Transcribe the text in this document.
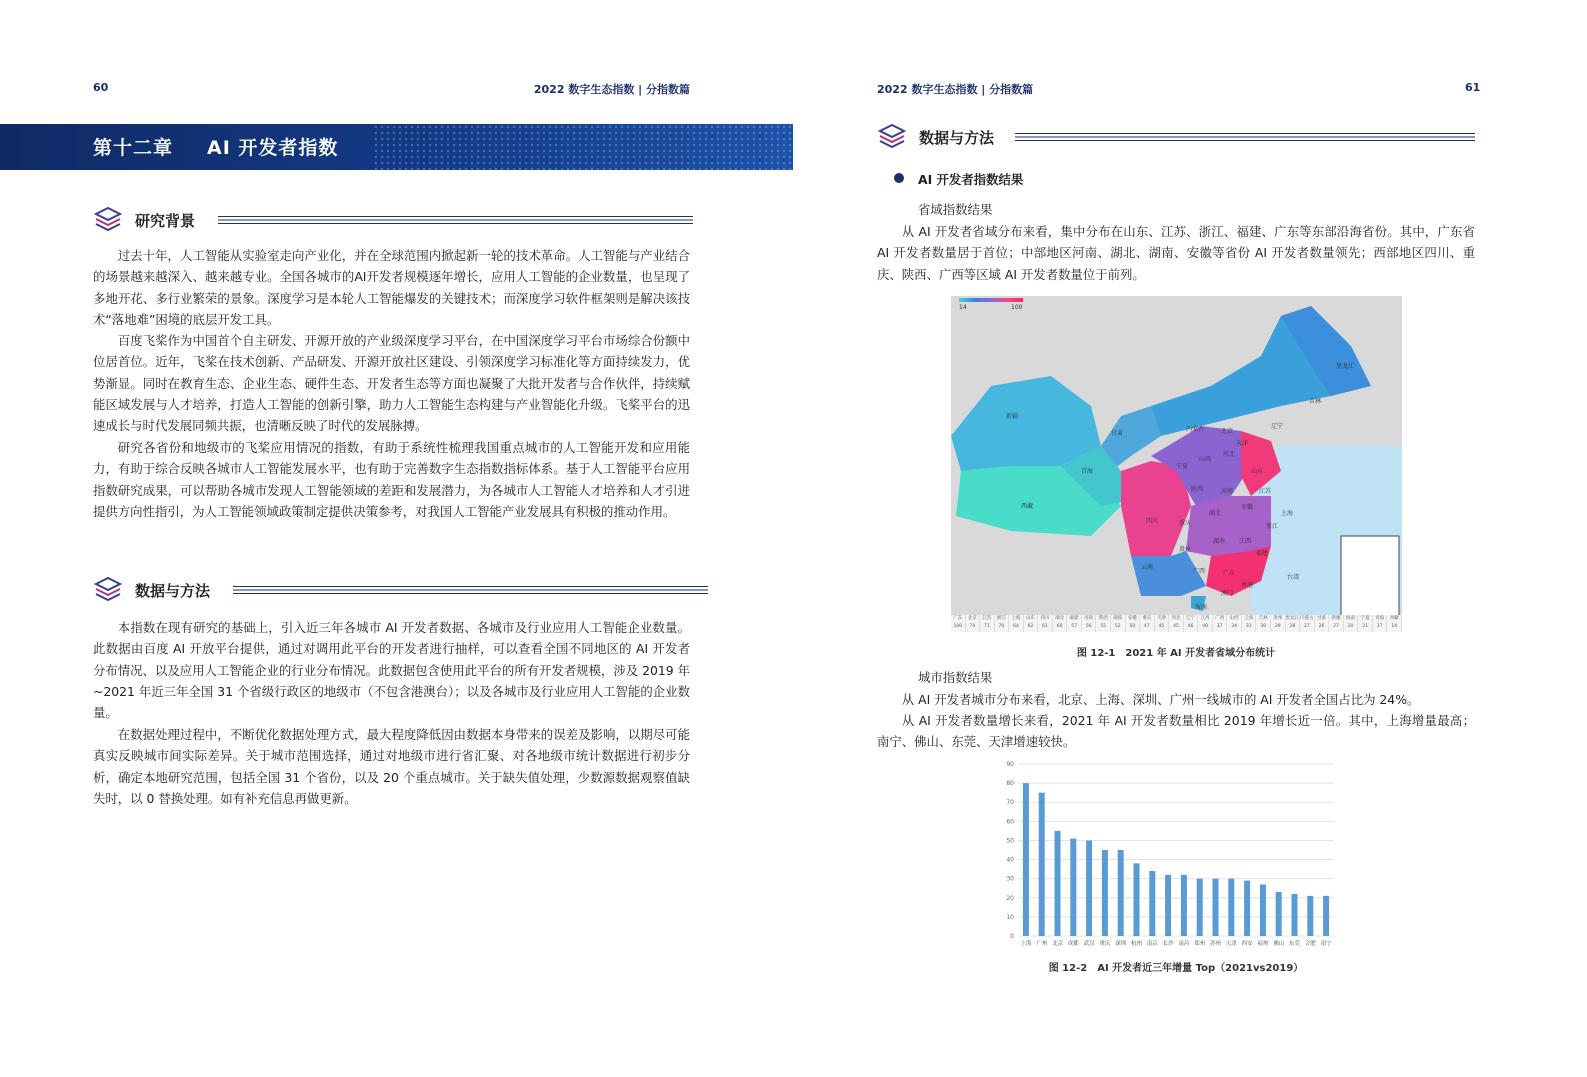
60	2022 数字生态指数 | 分指数篇
第十二章 AI 开发者指数
研究背景
过去十年，人工智能从实验室走向产业化，并在全球范围内掀起新一轮的技术革命。人工智能与产业结合的场景越来越深入、越来越专业。全国各城市的AI开发者规模逐年增长，应用人工智能的企业数量，也呈现了多地开花、多行业繁荣的景象。深度学习是本轮人工智能爆发的关键技术；而深度学习软件框架则是解决该技术“落地难”困境的底层开发工具。
百度飞桨作为中国首个自主研发、开源开放的产业级深度学习平台，在中国深度学习平台市场综合份额中位居首位。近年，飞桨在技术创新、产品研发、开源开放社区建设、引领深度学习标准化等方面持续发力，优势渐显。同时在教育生态、企业生态、硬件生态、开发者生态等方面也凝聚了大批开发者与合作伙伴，持续赋能区域发展与人才培养，打造人工智能的创新引擎，助力人工智能生态构建与产业智能化升级。飞桨平台的迅速成长与时代发展同频共振，也清晰反映了时代的发展脉搏。
研究各省份和地级市的飞桨应用情况的指数，有助于系统性梳理我国重点城市的人工智能开发和应用能力，有助于综合反映各城市人工智能发展水平，也有助于完善数字生态指数指标体系。基于人工智能平台应用指数研究成果，可以帮助各城市发现人工智能领域的差距和发展潜力，为各城市人工智能人才培养和人才引进提供方向性指引，为人工智能领域政策制定提供决策参考，对我国人工智能产业发展具有积极的推动作用。
数据与方法
本指数在现有研究的基础上，引入近三年各城市 AI 开发者数据、各城市及行业应用人工智能企业数量。此数据由百度 AI 开放平台提供，通过对调用此平台的开发者进行抽样，可以查看全国不同地区的 AI 开发者分布情况、以及应用人工智能企业的行业分布情况。此数据包含使用此平台的所有开发者规模，涉及 2019 年 ~2021 年近三年全国 31 个省级行政区的地级市（不包含港澳台）；以及各城市及行业应用人工智能的企业数量。
在数据处理过程中，不断优化数据处理方式，最大程度降低因由数据本身带来的误差及影响，以期尽可能真实反映城市间实际差异。关于城市范围选择，通过对地级市进行省汇聚、对各地级市统计数据进行初步分析，确定本地研究范围，包括全国 31 个省份，以及 20 个重点城市。关于缺失值处理，少数源数据观察值缺失时，以 0 替换处理。如有补充信息再做更新。
2022 数字生态指数 | 分指数篇	61
数据与方法
AI 开发者指数结果
省域指数结果
从 AI 开发者省域分布来看，集中分布在山东、江苏、浙江、福建、广东等东部沿海省份。其中，广东省 AI 开发者数量居于首位；中部地区河南、湖北、湖南、安徽等省份 AI 开发者数量领先；西部地区四川、重庆、陕西、广西等区域 AI 开发者数量位于前列。
14	100
黑龙江
吉林
辽宁
内蒙古	北京
天津
河北
山西
山东
宁夏
甘肃
陕西	河南	江苏
新疆
青海
西藏
四川	重庆
湖北
安徽
上海
浙江
贵州
湖南 江西
福建
台湾
云南
广西	广东
香港
澳门
海南
广东
100
北京
74
江苏
71
浙江
70
上海
64
山东
62
四川
61
湖北
60
福建
57
河南
56
陕西
55
湖南
52
安徽
50
重庆
47
天津
45
河北
45
辽宁
46
江西
40
广西
37
山西
34
云南
33
吉林
30
贵州
29
黑龙江
28
内蒙古
27
甘肃
26
新疆
27
海南
20
宁夏
21
青海
17
西藏
14
图 12-1　2021 年 AI 开发者省域分布统计
城市指数结果
从 AI 开发者城市分布来看，北京、上海、深圳、广州一线城市的 AI 开发者全国占比为 24%。
从 AI 开发者数量增长来看，2021 年 AI 开发者数量相比 2019 年增长近一倍。其中，上海增量最高；南宁、佛山、东莞、天津增速较快。
0
10
20
30
40
50
60
70
80
90
上海 广州 北京 成都 武汉 重庆 深圳 杭州 南京 长沙 南昌 郑州 苏州 天津 西安 福州 佛山 东莞 合肥 南宁
图 12-2　AI 开发者近三年增量 Top（2021vs2019）
